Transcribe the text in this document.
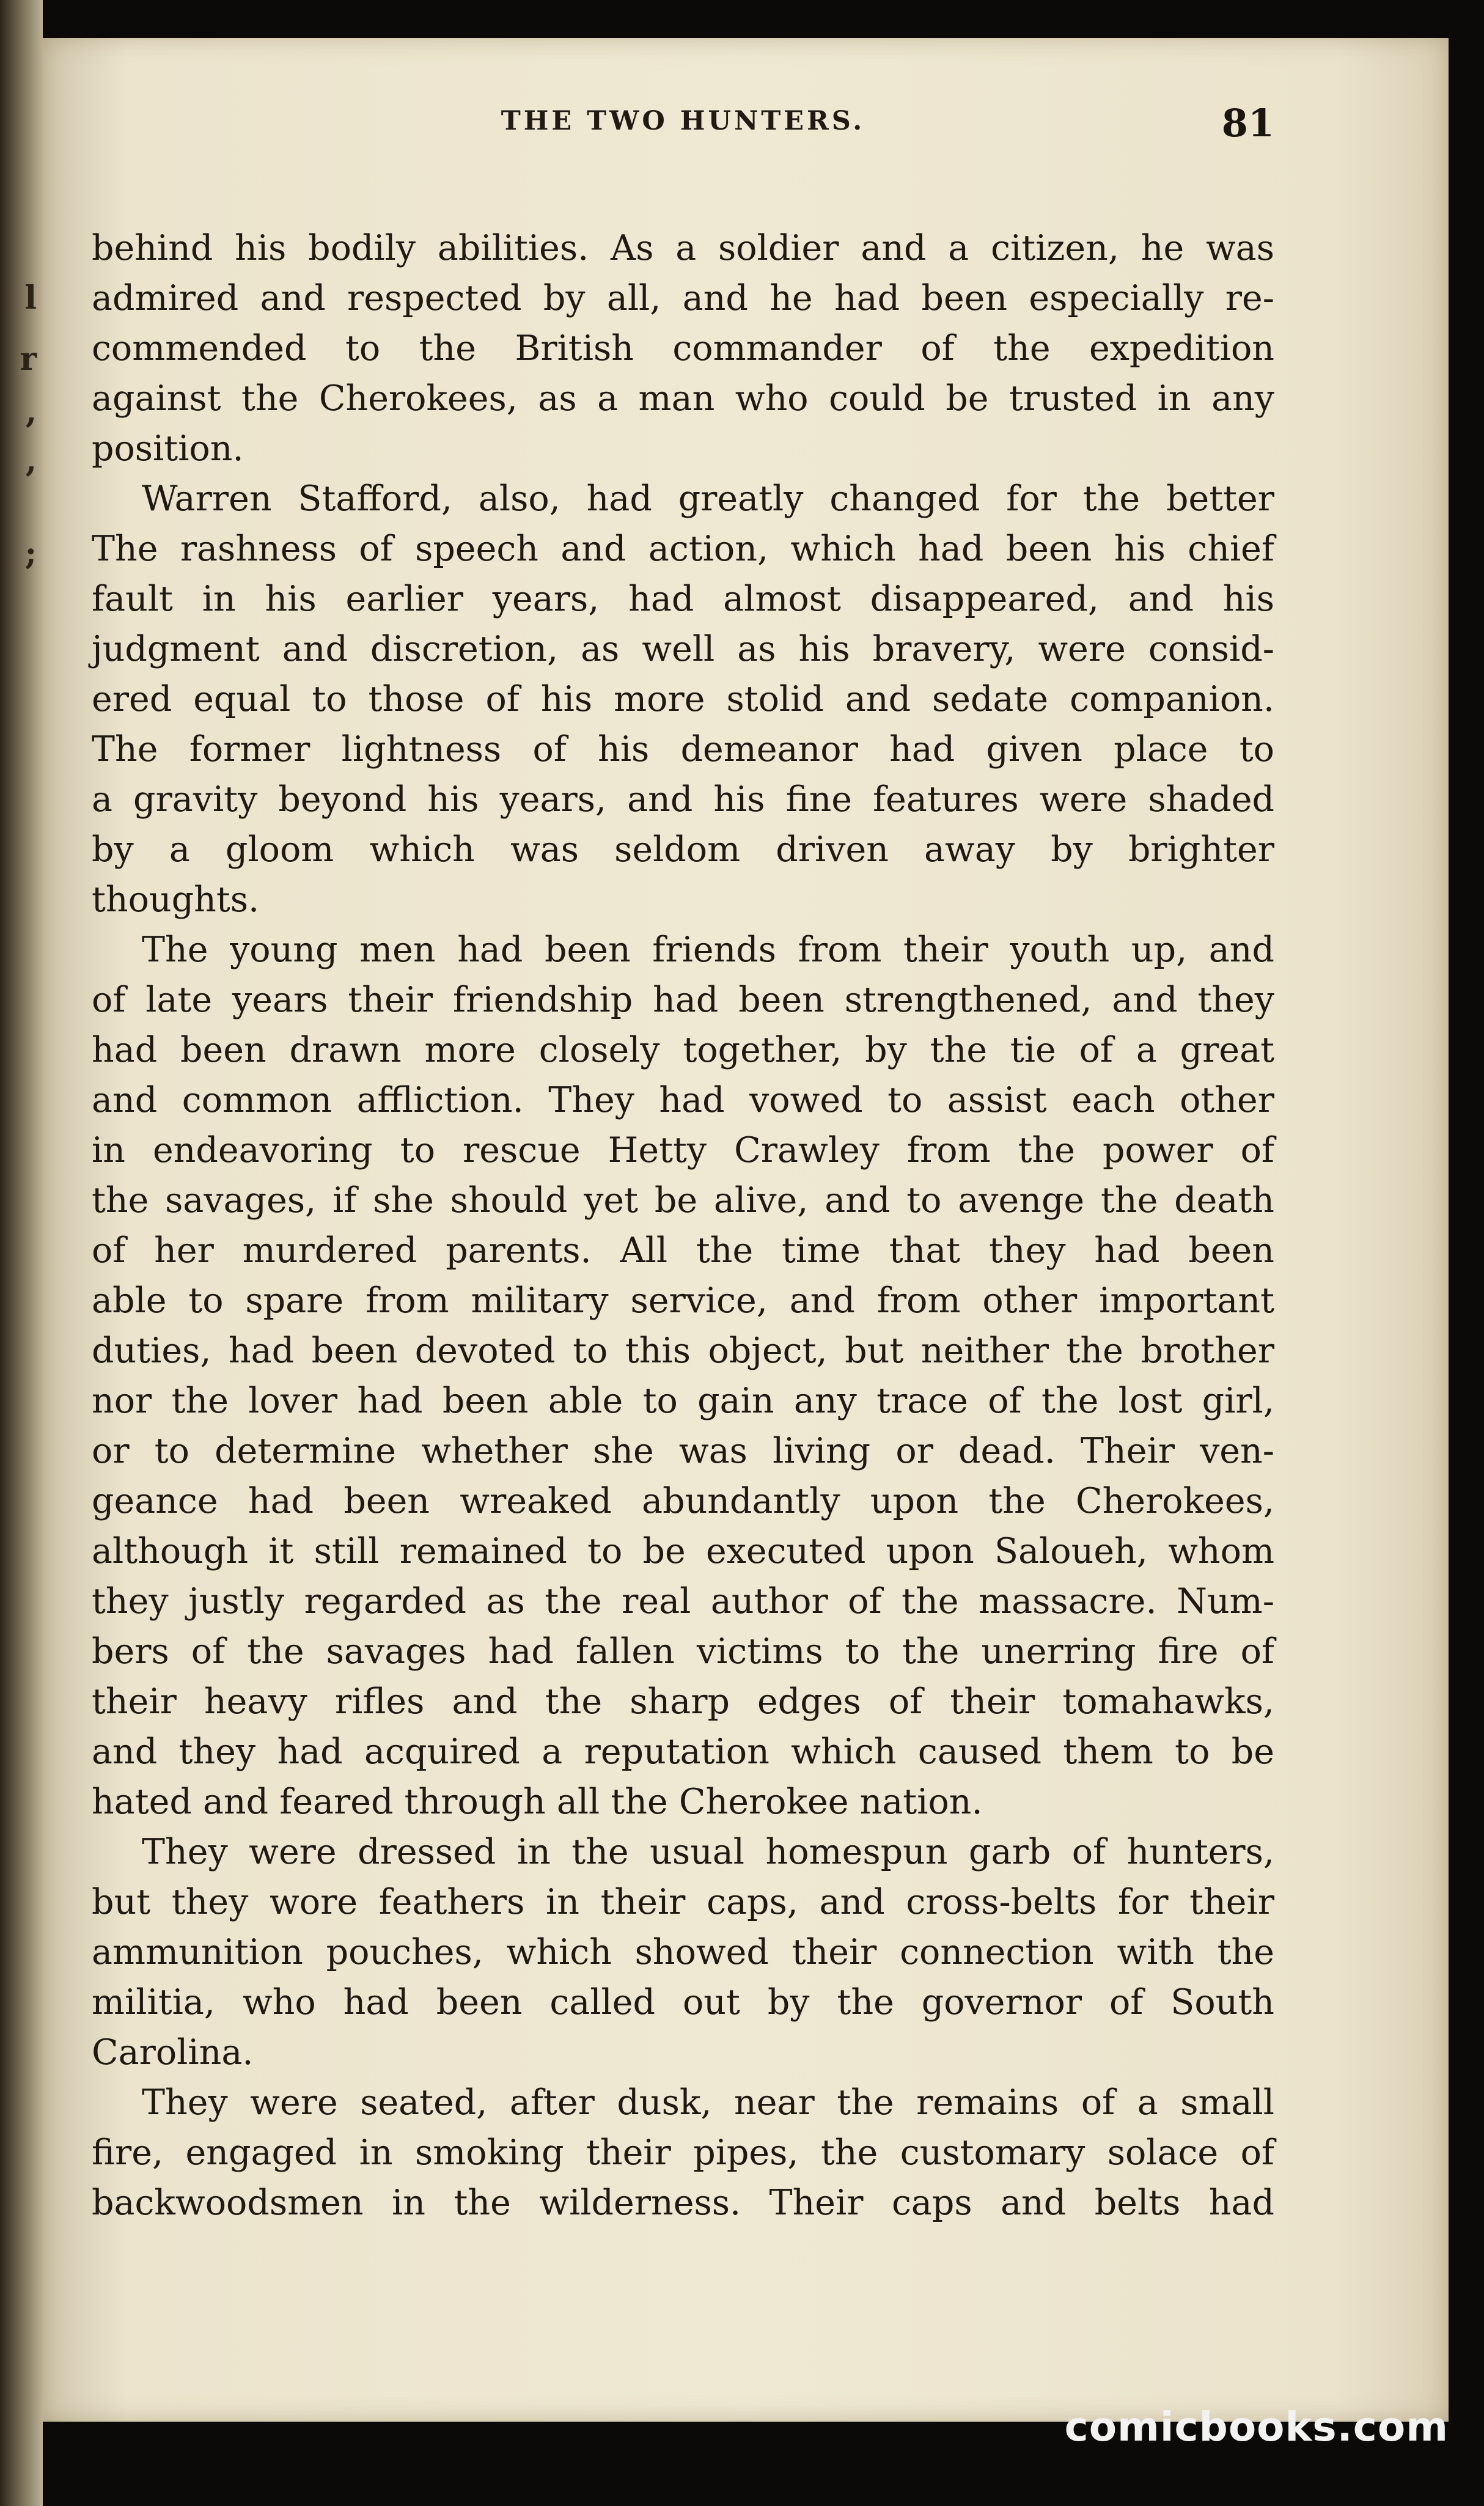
l
r
,
,
;
THE TWO HUNTERS.	81
behind his bodily abilities. As a soldier and a citizen, he was
admired and respected by all, and he had been especially re-
commended to the British commander of the expedition
against the Cherokees, as a man who could be trusted in any
position.
Warren Stafford, also, had greatly changed for the better
The rashness of speech and action, which had been his chief
fault in his earlier years, had almost disappeared, and his
judgment and discretion, as well as his bravery, were consid-
ered equal to those of his more stolid and sedate companion.
The former lightness of his demeanor had given place to
a gravity beyond his years, and his fine features were shaded
by a gloom which was seldom driven away by brighter
thoughts.
The young men had been friends from their youth up, and
of late years their friendship had been strengthened, and they
had been drawn more closely together, by the tie of a great
and common affliction. They had vowed to assist each other
in endeavoring to rescue Hetty Crawley from the power of
the savages, if she should yet be alive, and to avenge the death
of her murdered parents. All the time that they had been
able to spare from military service, and from other important
duties, had been devoted to this object, but neither the brother
nor the lover had been able to gain any trace of the lost girl,
or to determine whether she was living or dead. Their ven-
geance had been wreaked abundantly upon the Cherokees,
although it still remained to be executed upon Saloueh, whom
they justly regarded as the real author of the massacre. Num-
bers of the savages had fallen victims to the unerring fire of
their heavy rifles and the sharp edges of their tomahawks,
and they had acquired a reputation which caused them to be
hated and feared through all the Cherokee nation.
They were dressed in the usual homespun garb of hunters,
but they wore feathers in their caps, and cross-belts for their
ammunition pouches, which showed their connection with the
militia, who had been called out by the governor of South
Carolina.
They were seated, after dusk, near the remains of a small
fire, engaged in smoking their pipes, the customary solace of
backwoodsmen in the wilderness. Their caps and belts had
comicbooks.com
